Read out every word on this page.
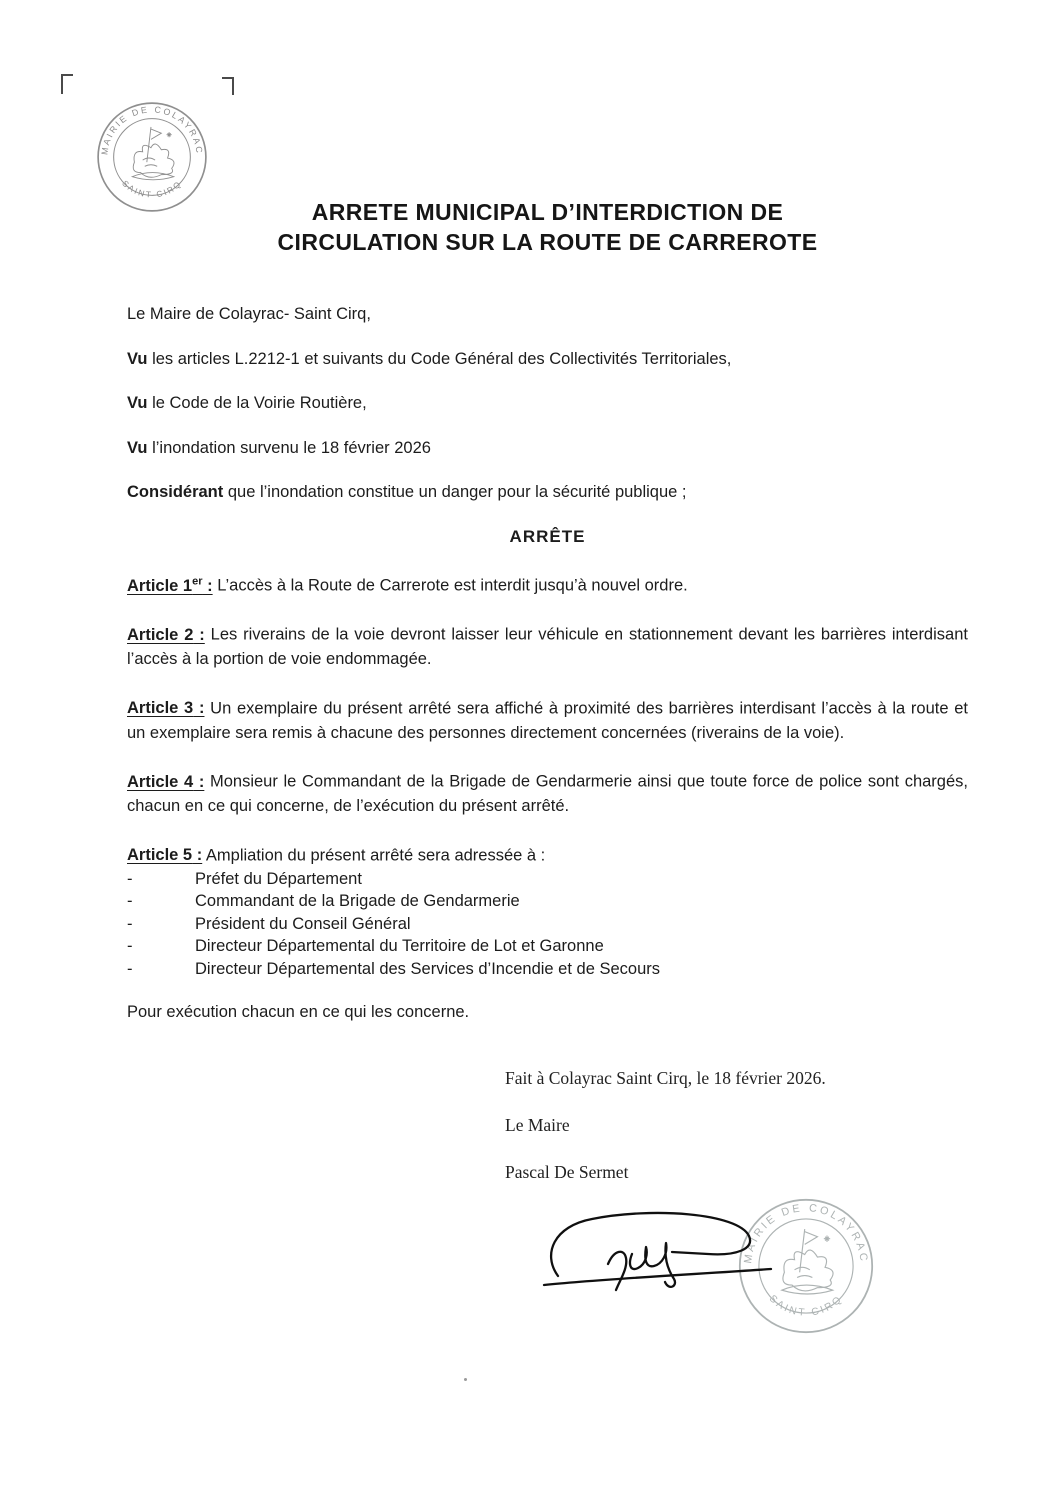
MAIRIE DE COLAYRAC
SAINT-CIRQ
ARRETE MUNICIPAL D’INTERDICTION DE
CIRCULATION SUR LA ROUTE DE CARREROTE

Le Maire de Colayrac- Saint Cirq,

Vu les articles L.2212-1 et suivants du Code Général des Collectivités Territoriales,

Vu le Code de la Voirie Routière,

Vu l’inondation survenu le 18 février 2026

Considérant que l’inondation constitue un danger pour la sécurité publique ;

ARRÊTE

Article 1er : L’accès à la Route de Carrerote est interdit jusqu’à nouvel ordre.

Article 2 : Les riverains de la voie devront laisser leur véhicule en stationnement devant les barrières interdisant l’accès à la portion de voie endommagée.

Article 3 : Un exemplaire du présent arrêté sera affiché à proximité des barrières interdisant l’accès à la route et un exemplaire sera remis à chacune des personnes directement concernées (riverains de la voie).

Article 4 : Monsieur le Commandant de la Brigade de Gendarmerie ainsi que toute force de police sont chargés, chacun en ce qui concerne, de l’exécution du présent arrêté.

Article 5 : Ampliation du présent arrêté sera adressée à :

-	Préfet du Département
-	Commandant de la Brigade de Gendarmerie
-	Président du Conseil Général
-	Directeur Départemental du Territoire de Lot et Garonne
-	Directeur Départemental des Services d’Incendie et de Secours

Pour exécution chacun en ce qui les concerne.

Fait à Colayrac Saint Cirq, le 18 février 2026.

Le Maire

Pascal De Sermet

MAIRIE DE COLAYRAC
SAINT-CIRQ
